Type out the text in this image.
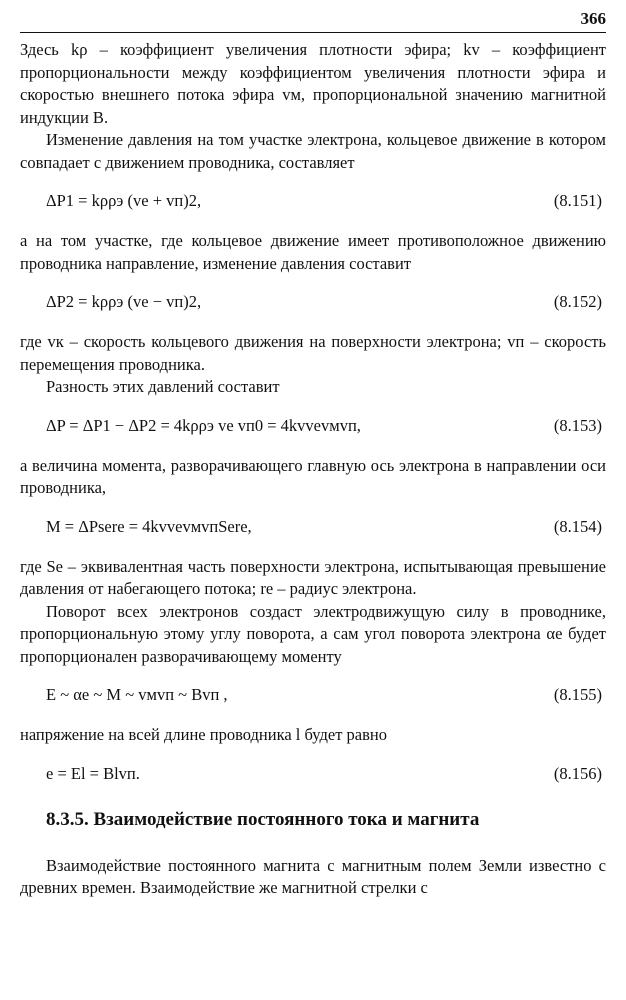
366

Здесь kρ – коэффициент увеличения плотности эфира; kv – коэффициент пропорциональности между коэффициентом увеличения плотности эфира и скоростью внешнего потока эфира vм, пропорциональной значению магнитной индукции B.

Изменение давления на том участке электрона, кольцевое движение в котором совпадает с движением проводника, составляет

ΔP1 = kρρэ (ve + vп)2,	(8.151)

а на том участке, где кольцевое движение имеет противоположное движению проводника направление, изменение давления составит

ΔP2 = kρρэ (ve − vп)2,	(8.152)

где vк – скорость кольцевого движения на поверхности электрона; vп – скорость перемещения проводника.

Разность этих давлений составит

ΔP = ΔP1 − ΔP2 = 4kρρэ ve vп0 = 4kvvevмvп,	(8.153)

а величина момента, разворачивающего главную ось электрона в направлении оси проводника,

M = ΔPsere = 4kvvevмvпSere,	(8.154)

где Se – эквивалентная часть поверхности электрона, испытывающая превышение давления от набегающего потока; re – радиус электрона.

Поворот всех электронов создаст электродвижущую силу в проводнике, пропорциональную этому углу поворота, а сам угол поворота электрона αe будет пропорционален разворачивающему моменту

E ~ αe ~ M ~ vмvп ~ Bvп ,	(8.155)

напряжение на всей длине проводника l будет равно

e = El = Blvп.	(8.156)
8.3.5. Взаимодействие постоянного тока и магнита

Взаимодействие постоянного магнита с магнитным полем Земли известно с древних времен. Взаимодействие же магнитной стрелки с
